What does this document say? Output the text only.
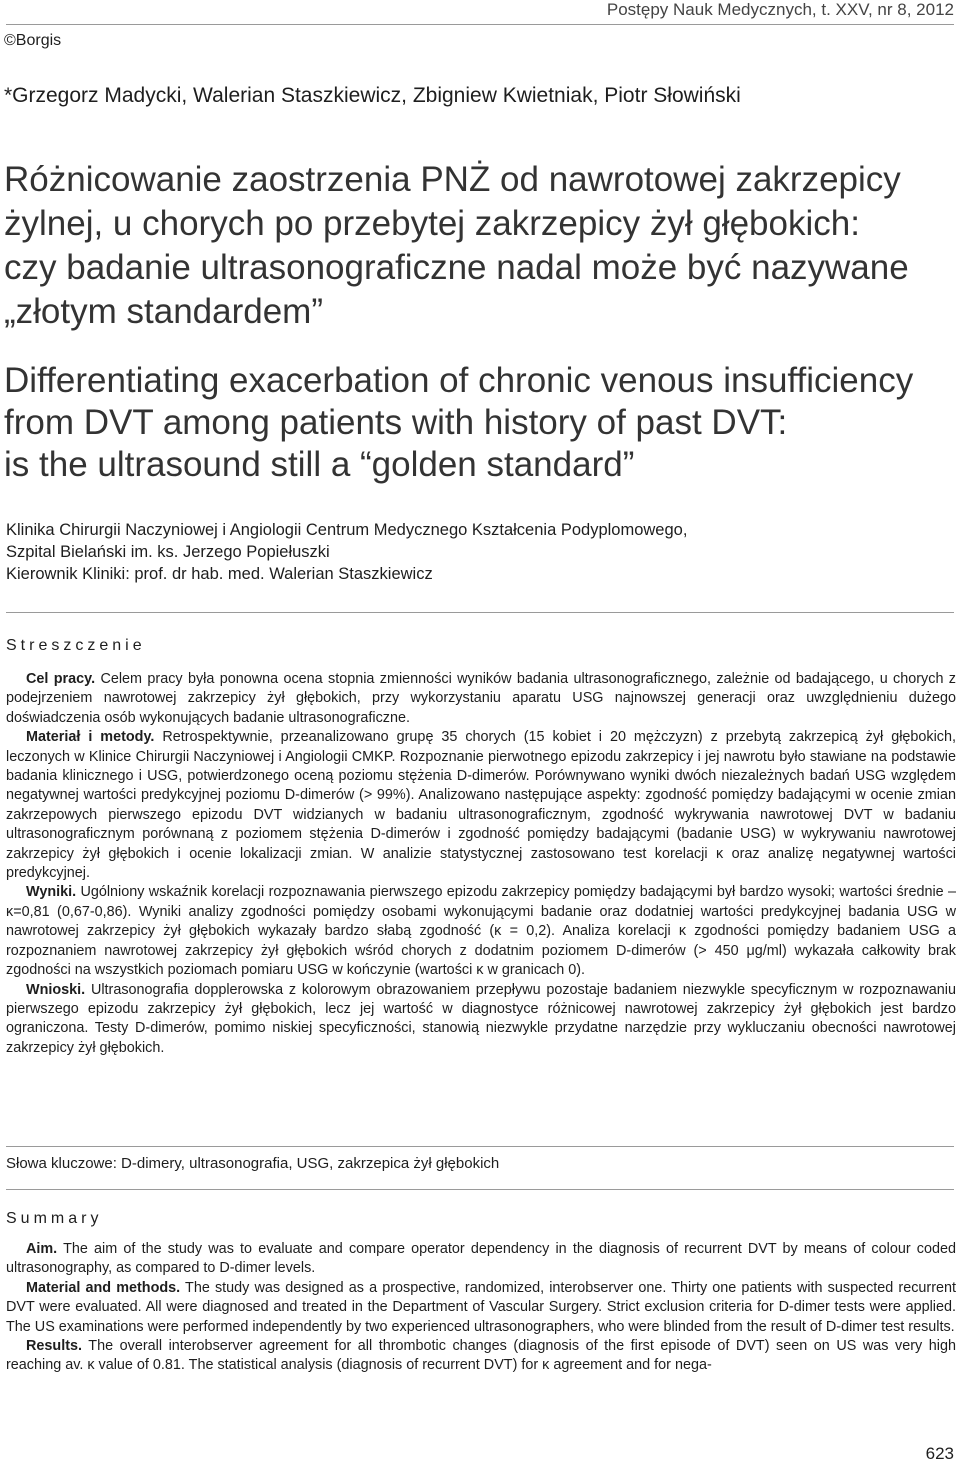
Postępy Nauk Medycznych, t. XXV, nr 8, 2012
©Borgis
*Grzegorz Madycki, Walerian Staszkiewicz, Zbigniew Kwietniak, Piotr Słowiński
Różnicowanie zaostrzenia PNŻ od nawrotowej zakrzepicy
żylnej, u chorych po przebytej zakrzepicy żył głębokich:
czy badanie ultrasonograficzne nadal może być nazywane
„złotym standardem”
Differentiating exacerbation of chronic venous insufficiency
from DVT among patients with history of past DVT:
is the ultrasound still a “golden standard”
Klinika Chirurgii Naczyniowej i Angiologii Centrum Medycznego Kształcenia Podyplomowego,
Szpital Bielański im. ks. Jerzego Popiełuszki
Kierownik Kliniki: prof. dr hab. med. Walerian Staszkiewicz
Streszczenie

Cel pracy. Celem pracy była ponowna ocena stopnia zmienności wyników badania ultrasonograficznego, zależnie od badającego, u chorych z podejrzeniem nawrotowej zakrzepicy żył głębokich, przy wykorzystaniu aparatu USG najnowszej generacji oraz uwzględnieniu dużego doświadczenia osób wykonujących badanie ultrasonograficzne.

Materiał i metody. Retrospektywnie, przeanalizowano grupę 35 chorych (15 kobiet i 20 mężczyzn) z przebytą zakrzepicą żył głębokich, leczonych w Klinice Chirurgii Naczyniowej i Angiologii CMKP. Rozpoznanie pierwotnego epizodu zakrzepicy i jej nawrotu było stawiane na podstawie badania klinicznego i USG, potwierdzonego oceną poziomu stężenia D-dimerów. Porównywano wyniki dwóch niezależnych badań USG względem negatywnej wartości predykcyjnej poziomu D-dimerów (> 99%). Analizowano następujące aspekty: zgodność pomiędzy badającymi w ocenie zmian zakrzepowych pierwszego epizodu DVT widzianych w badaniu ultrasonograficznym, zgodność wykrywania nawrotowej DVT w badaniu ultrasonograficznym porównaną z poziomem stężenia D-dimerów i zgodność pomiędzy badającymi (badanie USG) w wykrywaniu nawrotowej zakrzepicy żył głębokich i ocenie lokalizacji zmian. W analizie statystycznej zastosowano test korelacji κ oraz analizę negatywnej wartości predykcyjnej.

Wyniki. Ugólniony wskaźnik korelacji rozpoznawania pierwszego epizodu zakrzepicy pomiędzy badającymi był bardzo wysoki; wartości średnie – κ=0,81 (0,67-0,86). Wyniki analizy zgodności pomiędzy osobami wykonującymi badanie oraz dodatniej wartości predykcyjnej badania USG w nawrotowej zakrzepicy żył głębokich wykazały bardzo słabą zgodność (κ = 0,2). Analiza korelacji κ zgodności pomiędzy badaniem USG a rozpoznaniem nawrotowej zakrzepicy żył głębokich wśród chorych z dodatnim poziomem D-dimerów (> 450 μg/ml) wykazała całkowity brak zgodności na wszystkich poziomach pomiaru USG w kończynie (wartości κ w granicach 0).

Wnioski. Ultrasonografia dopplerowska z kolorowym obrazowaniem przepływu pozostaje badaniem niezwykle specyficznym w rozpoznawaniu pierwszego epizodu zakrzepicy żył głębokich, lecz jej wartość w diagnostyce różnicowej nawrotowej zakrzepicy żył głębokich jest bardzo ograniczona. Testy D-dimerów, pomimo niskiej specyficzności, stanowią niezwykle przydatne narzędzie przy wykluczaniu obecności nawrotowej zakrzepicy żył głębokich.

Słowa kluczowe: D-dimery, ultrasonografia, USG, zakrzepica żył głębokich
Summary

Aim. The aim of the study was to evaluate and compare operator dependency in the diagnosis of recurrent DVT by means of colour coded ultrasonography, as compared to D-dimer levels.

Material and methods. The study was designed as a prospective, randomized, interobserver one. Thirty one patients with suspected recurrent DVT were evaluated. All were diagnosed and treated in the Department of Vascular Surgery. Strict exclusion criteria for D-dimer tests were applied. The US examinations were performed independently by two experienced ultrasonographers, who were blinded from the result of D-dimer test results.

Results. The overall interobserver agreement for all thrombotic changes (diagnosis of the first episode of DVT) seen on US was very high reaching av. κ value of 0.81. The statistical analysis (diagnosis of recurrent DVT) for κ agreement and for nega-

623
